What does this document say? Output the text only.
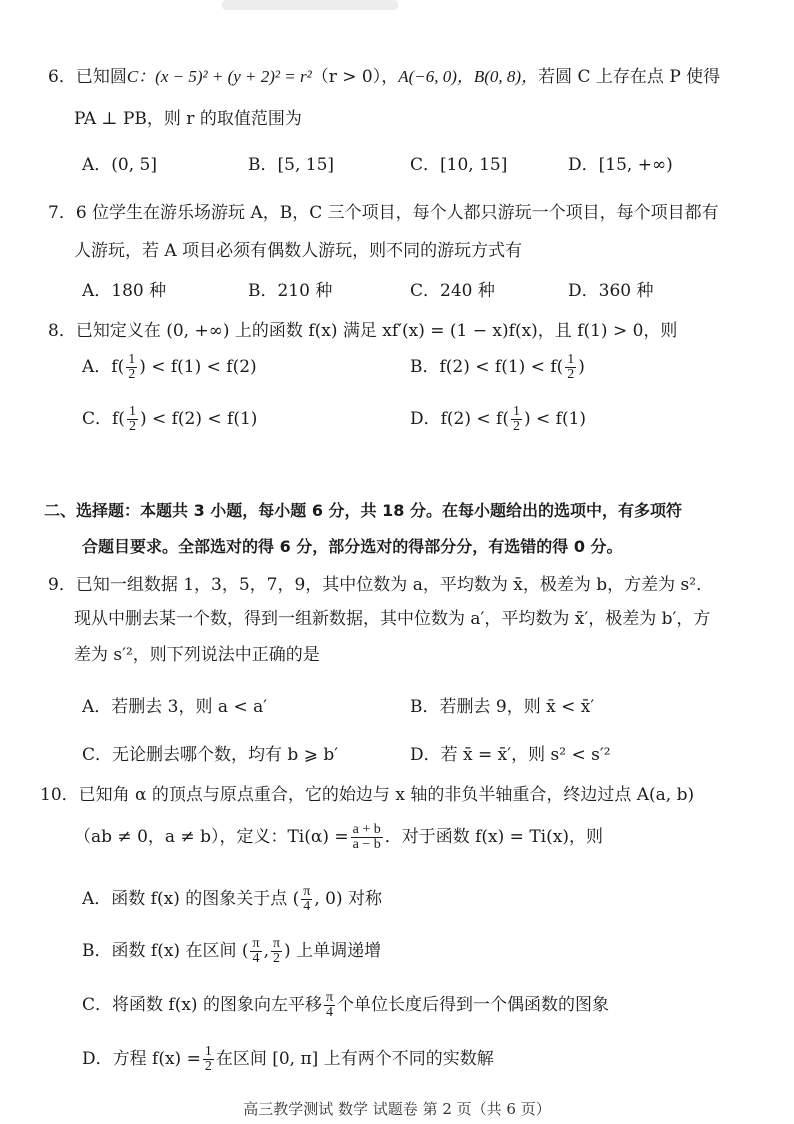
6．已知圆C：(x − 5)² + (y + 2)² = r²（r > 0），A(−6, 0)，B(0, 8)，若圆 C 上存在点 P 使得
PA ⊥ PB，则 r 的取值范围为
A．(0, 5]	B．[5, 15]	C．[10, 15]	D．[15, +∞)
7．6 位学生在游乐场游玩 A，B，C 三个项目，每个人都只游玩一个项目，每个项目都有
人游玩，若 A 项目必须有偶数人游玩，则不同的游玩方式有
A．180 种	B．210 种	C．240 种	D．360 种
8．已知定义在 (0, +∞) 上的函数 f(x) 满足 xf′(x) = (1 − x)f(x)，且 f(1) > 0，则
A．$f( \frac{1}{2}$ ) < f(1) < f(2)	B．$f(2) < f(1) < f( \frac{1}{2}$ )
C．$f( \frac{1}{2}$ ) < f(2) < f(1)	D．$f(2) < f( \frac{1}{2}$ ) < f(1)
二、选择题：本题共 3 小题，每小题 6 分，共 18 分。在每小题给出的选项中，有多项符
合题目要求。全部选对的得 6 分，部分选对的得部分分，有选错的得 0 分。
9．已知一组数据 1，3，5，7，9，其中位数为 a，平均数为 x̄，极差为 b，方差为 s²．
现从中删去某一个数，得到一组新数据，其中位数为 a′，平均数为 x̄′，极差为 b′，方
差为 s′²，则下列说法中正确的是
A．若删去 3，则 a < a′	B．若删去 9，则 x̄ < x̄′
C．无论删去哪个数，均有 b ⩾ b′	D．若 x̄ = x̄′，则 s² < s′²
10．已知角 α 的顶点与原点重合，它的始边与 x 轴的非负半轴重合，终边过点 A(a, b)
（ab ≠ 0，a ≠ b），定义：$Ti(\alpha) = \frac{a + b}{a - b}$ ．对于函数 f(x) = Ti(x)，则
A．函数 f(x) 的图象关于点 ( $\frac{\pi}{4}$ , 0) 对称
B．函数 f(x) 在区间 ( $\frac{\pi}{4}$ , $\frac{\pi}{2}$ ) 上单调递增
C．将函数 f(x) 的图象向左平移 $\frac{\pi}{4}$ 个单位长度后得到一个偶函数的图象
D．方程 $f(x) = \frac{1}{2}$ 在区间 [0, π] 上有两个不同的实数解
高三教学测试 数学 试题卷 第 2 页（共 6 页）
